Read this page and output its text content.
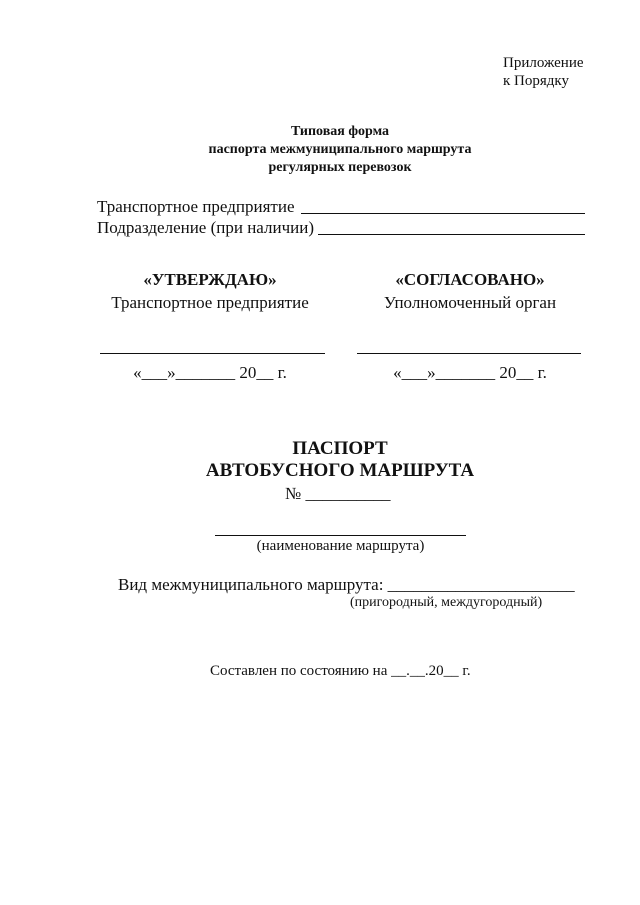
Приложение
к Порядку
Типовая форма
паспорта межмуниципального маршрута
регулярных перевозок
Транспортное предприятие
Подразделение (при наличии)
«УТВЕРЖДАЮ»
Транспортное предприятие
«___»_______ 20__ г.
«СОГЛАСОВАНО»
Уполномоченный орган
«___»_______ 20__ г.
ПАСПОРТ
АВТОБУСНОГО МАРШРУТА
№ __________
(наименование маршрута)
Вид межмуниципального маршрута: ______________________
(пригородный, междугородный)
Составлен по состоянию на __.__.20__ г.
